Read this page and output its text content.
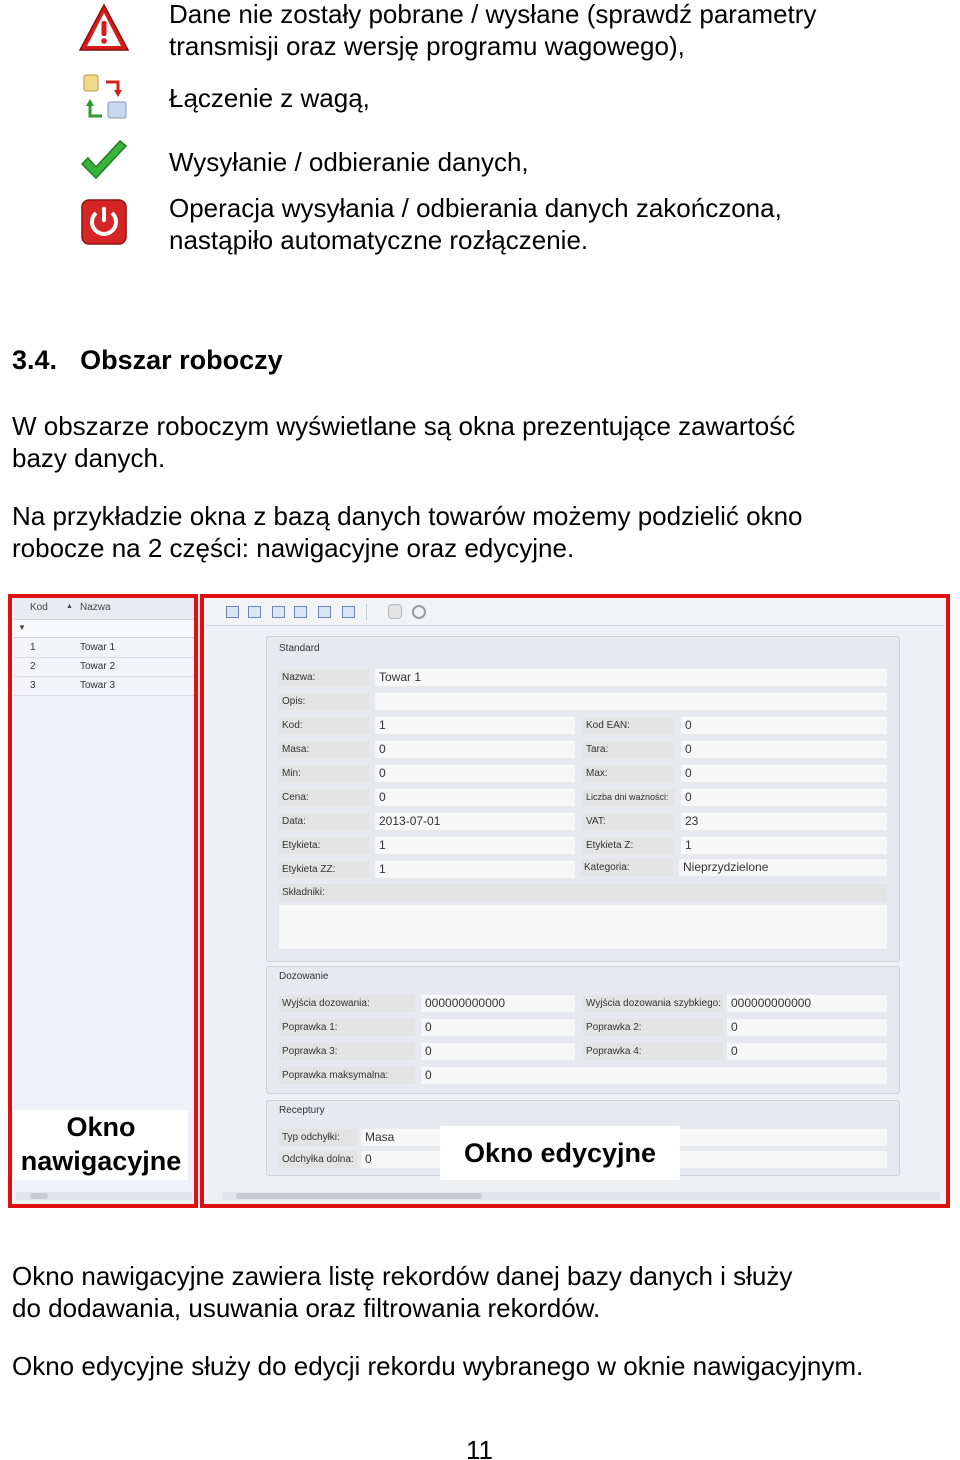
Dane nie zostały pobrane / wysłane (sprawdź parametry
transmisji oraz wersję programu wagowego),
Łączenie z wagą,
Wysyłanie / odbieranie danych,
Operacja wysyłania / odbierania danych zakończona,
nastąpiło automatyczne rozłączenie.
3.4. Obszar roboczy
W obszarze roboczym wyświetlane są okna prezentujące zawartość
bazy danych.
Na przykładzie okna z bazą danych towarów możemy podzielić okno
robocze na 2 części: nawigacyjne oraz edycyjne.
Kod	▲ Nazwa
▼
1	Towar 1
2	Towar 2
3	Towar 3
Standard
Nazwa:	Towar 1
Opis:
Kod:	1	Kod EAN:	0
Masa:	0	Tara:	0
Min:	0	Max:	0
Cena:	0	Liczba dni ważności:	0
Data:	2013-07-01	VAT:	23
Etykieta:	1	Etykieta Z:	1
Etykieta ZZ:	1	Kategoria:	Nieprzydzielone
Składniki:
Dozowanie
Wyjścia dozowania:	000000000000	Wyjścia dozowania szybkiego: 000000000000
Poprawka 1:	0	Poprawka 2:	0
Poprawka 3:	0	Poprawka 4:	0
Poprawka maksymalna:	0
Receptury
Typ odchyłki:	Masa
Odchyłka dolna: 0
Okno
nawigacyjne	Okno edycyjne
Okno nawigacyjne zawiera listę rekordów danej bazy danych i służy
do dodawania, usuwania oraz filtrowania rekordów.
Okno edycyjne służy do edycji rekordu wybranego w oknie nawigacyjnym.
11
